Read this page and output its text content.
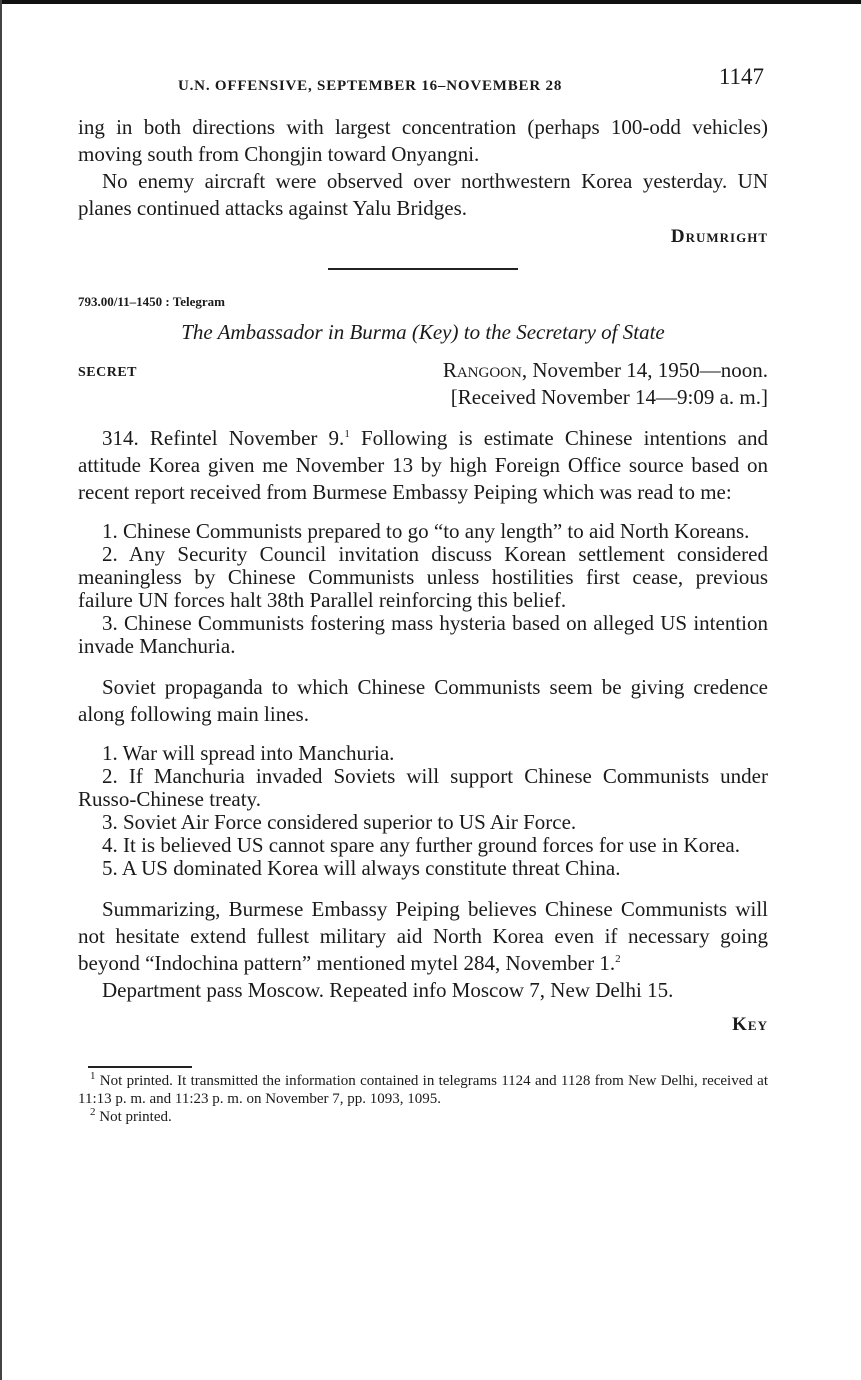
U.N. OFFENSIVE, SEPTEMBER 16–NOVEMBER 28	1147

ing in both directions with largest concentration (perhaps 100-odd vehicles) moving south from Chongjin toward Onyangni.

No enemy aircraft were observed over northwestern Korea yesterday. UN planes continued attacks against Yalu Bridges.

Drumright
793.00/11–1450 : Telegram
The Ambassador in Burma (Key) to the Secretary of State
SECRET	Rangoon, November 14, 1950—noon.
[Received November 14—9:09 a. m.]

314. Refintel November 9.$^1$ Following is estimate Chinese intentions and attitude Korea given me November 13 by high Foreign Office source based on recent report received from Burmese Embassy Peiping which was read to me:

1. Chinese Communists prepared to go “to any length” to aid North Koreans.

2. Any Security Council invitation discuss Korean settlement considered meaningless by Chinese Communists unless hostilities first cease, previous failure UN forces halt 38th Parallel reinforcing this belief.

3. Chinese Communists fostering mass hysteria based on alleged US intention invade Manchuria.

Soviet propaganda to which Chinese Communists seem be giving credence along following main lines.

1. War will spread into Manchuria.

2. If Manchuria invaded Soviets will support Chinese Communists under Russo-Chinese treaty.

3. Soviet Air Force considered superior to US Air Force.

4. It is believed US cannot spare any further ground forces for use in Korea.

5. A US dominated Korea will always constitute threat China.

Summarizing, Burmese Embassy Peiping believes Chinese Communists will not hesitate extend fullest military aid North Korea even if necessary going beyond “Indochina pattern” mentioned mytel 284, November 1.$^2$

Department pass Moscow. Repeated info Moscow 7, New Delhi 15.

Key

$^1$ Not printed. It transmitted the information contained in telegrams 1124 and 1128 from New Delhi, received at 11:13 p. m. and 11:23 p. m. on November 7, pp. 1093, 1095.

$^2$ Not printed.
